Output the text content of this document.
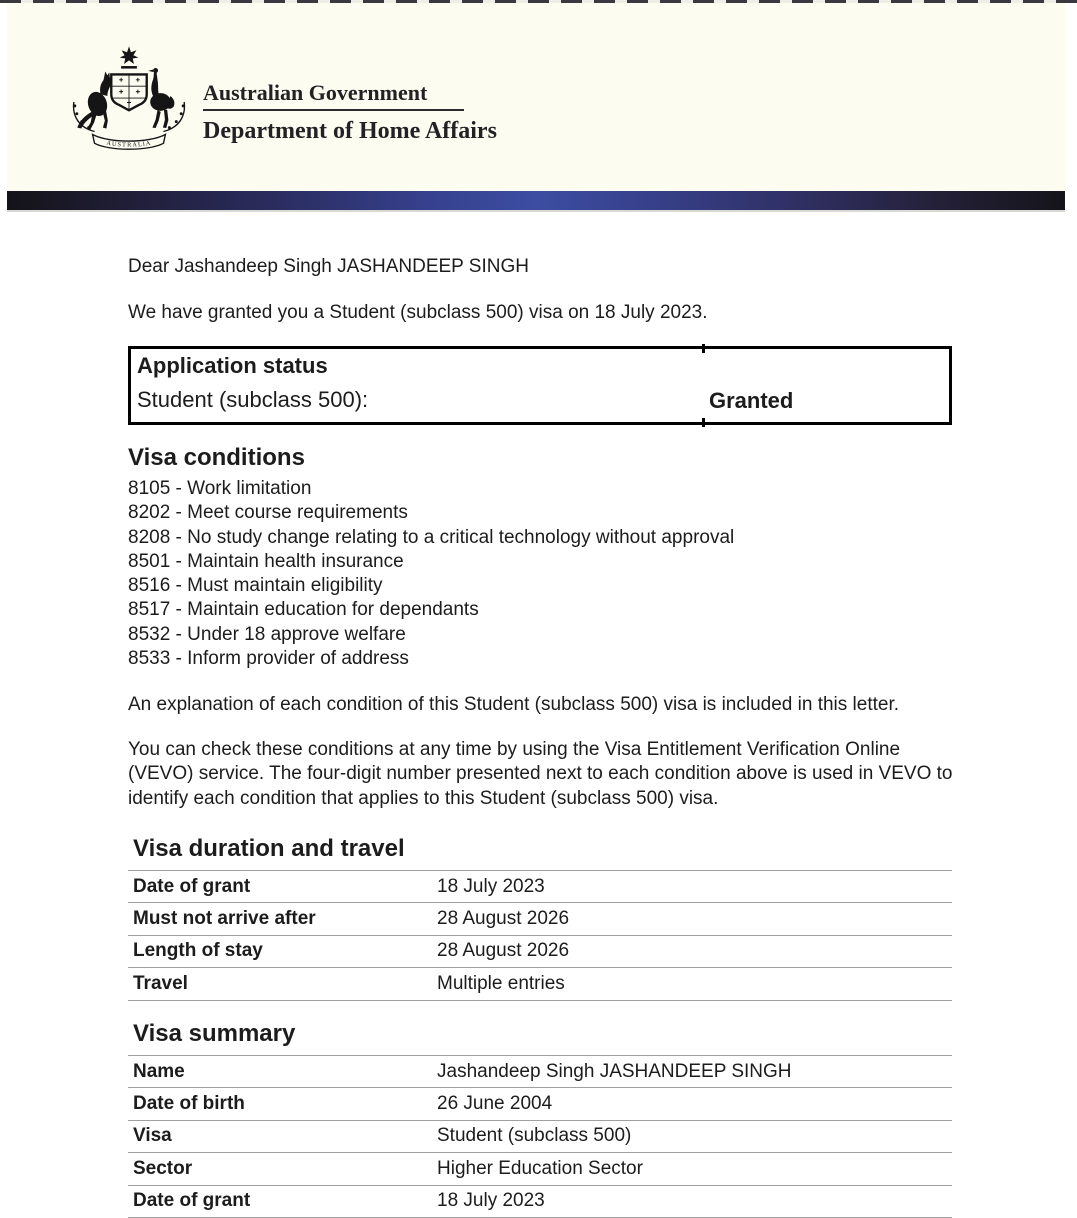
AUSTRALIA
Australian Government
Department of Home Affairs
Dear Jashandeep Singh JASHANDEEP SINGH
We have granted you a Student (subclass 500) visa on 18 July 2023.
Application status
Student (subclass 500):	Granted
Visa conditions
8105 - Work limitation
8202 - Meet course requirements
8208 - No study change relating to a critical technology without approval
8501 - Maintain health insurance
8516 - Must maintain eligibility
8517 - Maintain education for dependants
8532 - Under 18 approve welfare
8533 - Inform provider of address
An explanation of each condition of this Student (subclass 500) visa is included in this letter.
You can check these conditions at any time by using the Visa Entitlement Verification Online (VEVO) service. The four-digit number presented next to each condition above is used in VEVO to identify each condition that applies to this Student (subclass 500) visa.
Visa duration and travel
Date of grant	18 July 2023
Must not arrive after	28 August 2026
Length of stay	28 August 2026
Travel	Multiple entries
Visa summary
Name	Jashandeep Singh JASHANDEEP SINGH
Date of birth	26 June 2004
Visa	Student (subclass 500)
Sector	Higher Education Sector
Date of grant	18 July 2023
